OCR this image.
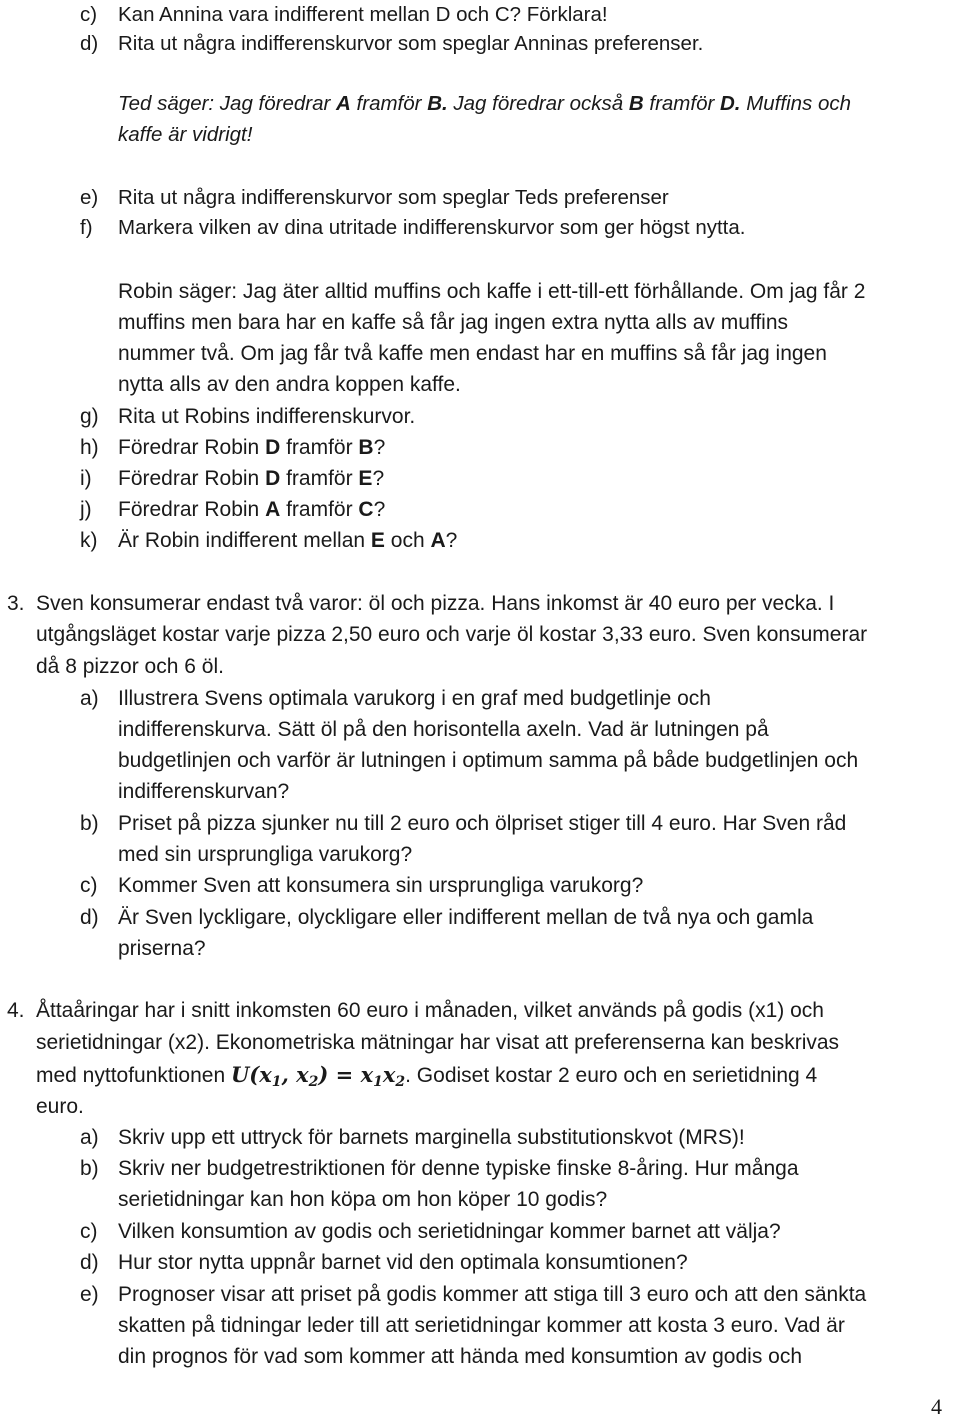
c) Kan Annina vara indifferent mellan D och C? Förklara!
d) Rita ut några indifferenskurvor som speglar Anninas preferenser.
Ted säger: Jag föredrar A framför B. Jag föredrar också B framför D. Muffins och
kaffe är vidrigt!
e) Rita ut några indifferenskurvor som speglar Teds preferenser
f) Markera vilken av dina utritade indifferenskurvor som ger högst nytta.
Robin säger: Jag äter alltid muffins och kaffe i ett-till-ett förhållande. Om jag får 2
muffins men bara har en kaffe så får jag ingen extra nytta alls av muffins
nummer två. Om jag får två kaffe men endast har en muffins så får jag ingen
nytta alls av den andra koppen kaffe.
g) Rita ut Robins indifferenskurvor.
h) Föredrar Robin D framför B?
i) Föredrar Robin D framför E?
j) Föredrar Robin A framför C?
k) Är Robin indifferent mellan E och A?
3. Sven konsumerar endast två varor: öl och pizza. Hans inkomst är 40 euro per vecka. I
utgångsläget kostar varje pizza 2,50 euro och varje öl kostar 3,33 euro. Sven konsumerar
då 8 pizzor och 6 öl.
a) Illustrera Svens optimala varukorg i en graf med budgetlinje och
indifferenskurva. Sätt öl på den horisontella axeln. Vad är lutningen på
budgetlinjen och varför är lutningen i optimum samma på både budgetlinjen och
indifferenskurvan?
b) Priset på pizza sjunker nu till 2 euro och ölpriset stiger till 4 euro. Har Sven råd
med sin ursprungliga varukorg?
c) Kommer Sven att konsumera sin ursprungliga varukorg?
d) Är Sven lyckligare, olyckligare eller indifferent mellan de två nya och gamla
priserna?
4. Åttaåringar har i snitt inkomsten 60 euro i månaden, vilket används på godis (x1) och
serietidningar (x2). Ekonometriska mätningar har visat att preferenserna kan beskrivas
med nyttofunktionen $U(x_1$, $x_2) = x_1x_2$. Godiset kostar 2 euro och en serietidning 4
euro.
a) Skriv upp ett uttryck för barnets marginella substitutionskvot (MRS)!
b) Skriv ner budgetrestriktionen för denne typiske finske 8-åring. Hur många
serietidningar kan hon köpa om hon köper 10 godis?
c) Vilken konsumtion av godis och serietidningar kommer barnet att välja?
d) Hur stor nytta uppnår barnet vid den optimala konsumtionen?
e) Prognoser visar att priset på godis kommer att stiga till 3 euro och att den sänkta
skatten på tidningar leder till att serietidningar kommer att kosta 3 euro. Vad är
din prognos för vad som kommer att hända med konsumtion av godis och
4
